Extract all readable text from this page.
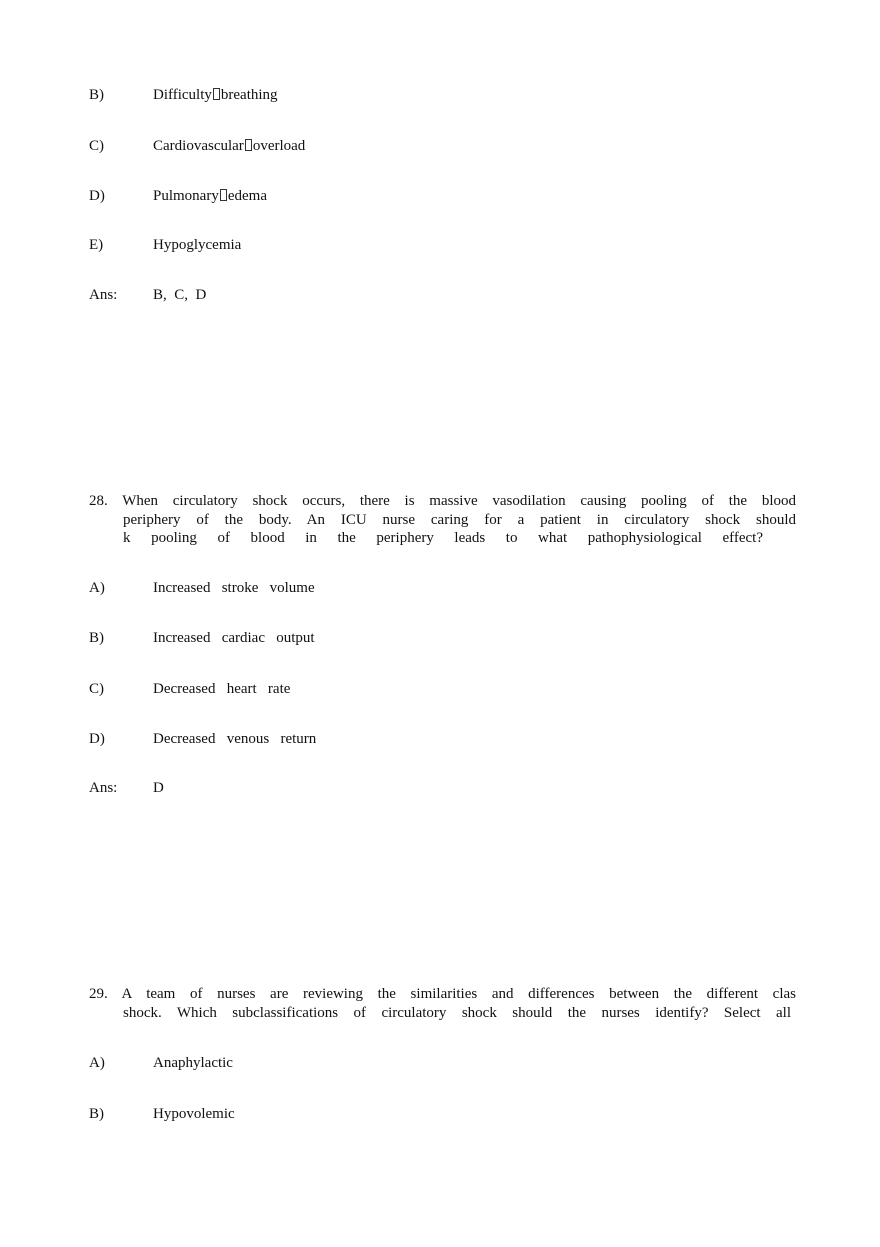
B)	Difficulty breathing
C)	Cardiovascular overload
D)	Pulmonary edema
E)	Hypoglycemia
Ans: B,  C,  D
28. When circulatory shock occurs, there is massive vasodilation causing pooling of the blood
periphery of the body. An ICU nurse caring for a patient in circulatory shock should
k pooling of blood in the periphery leads to what pathophysiological effect?
A)	Increased   stroke   volume
B)	Increased   cardiac   output
C)	Decreased   heart   rate
D)	Decreased   venous   return
Ans: D
29. A team of nurses are reviewing the similarities and differences between the different clas
shock. Which subclassifications of circulatory shock should the nurses identify? Select all
A)	Anaphylactic
B)	Hypovolemic
